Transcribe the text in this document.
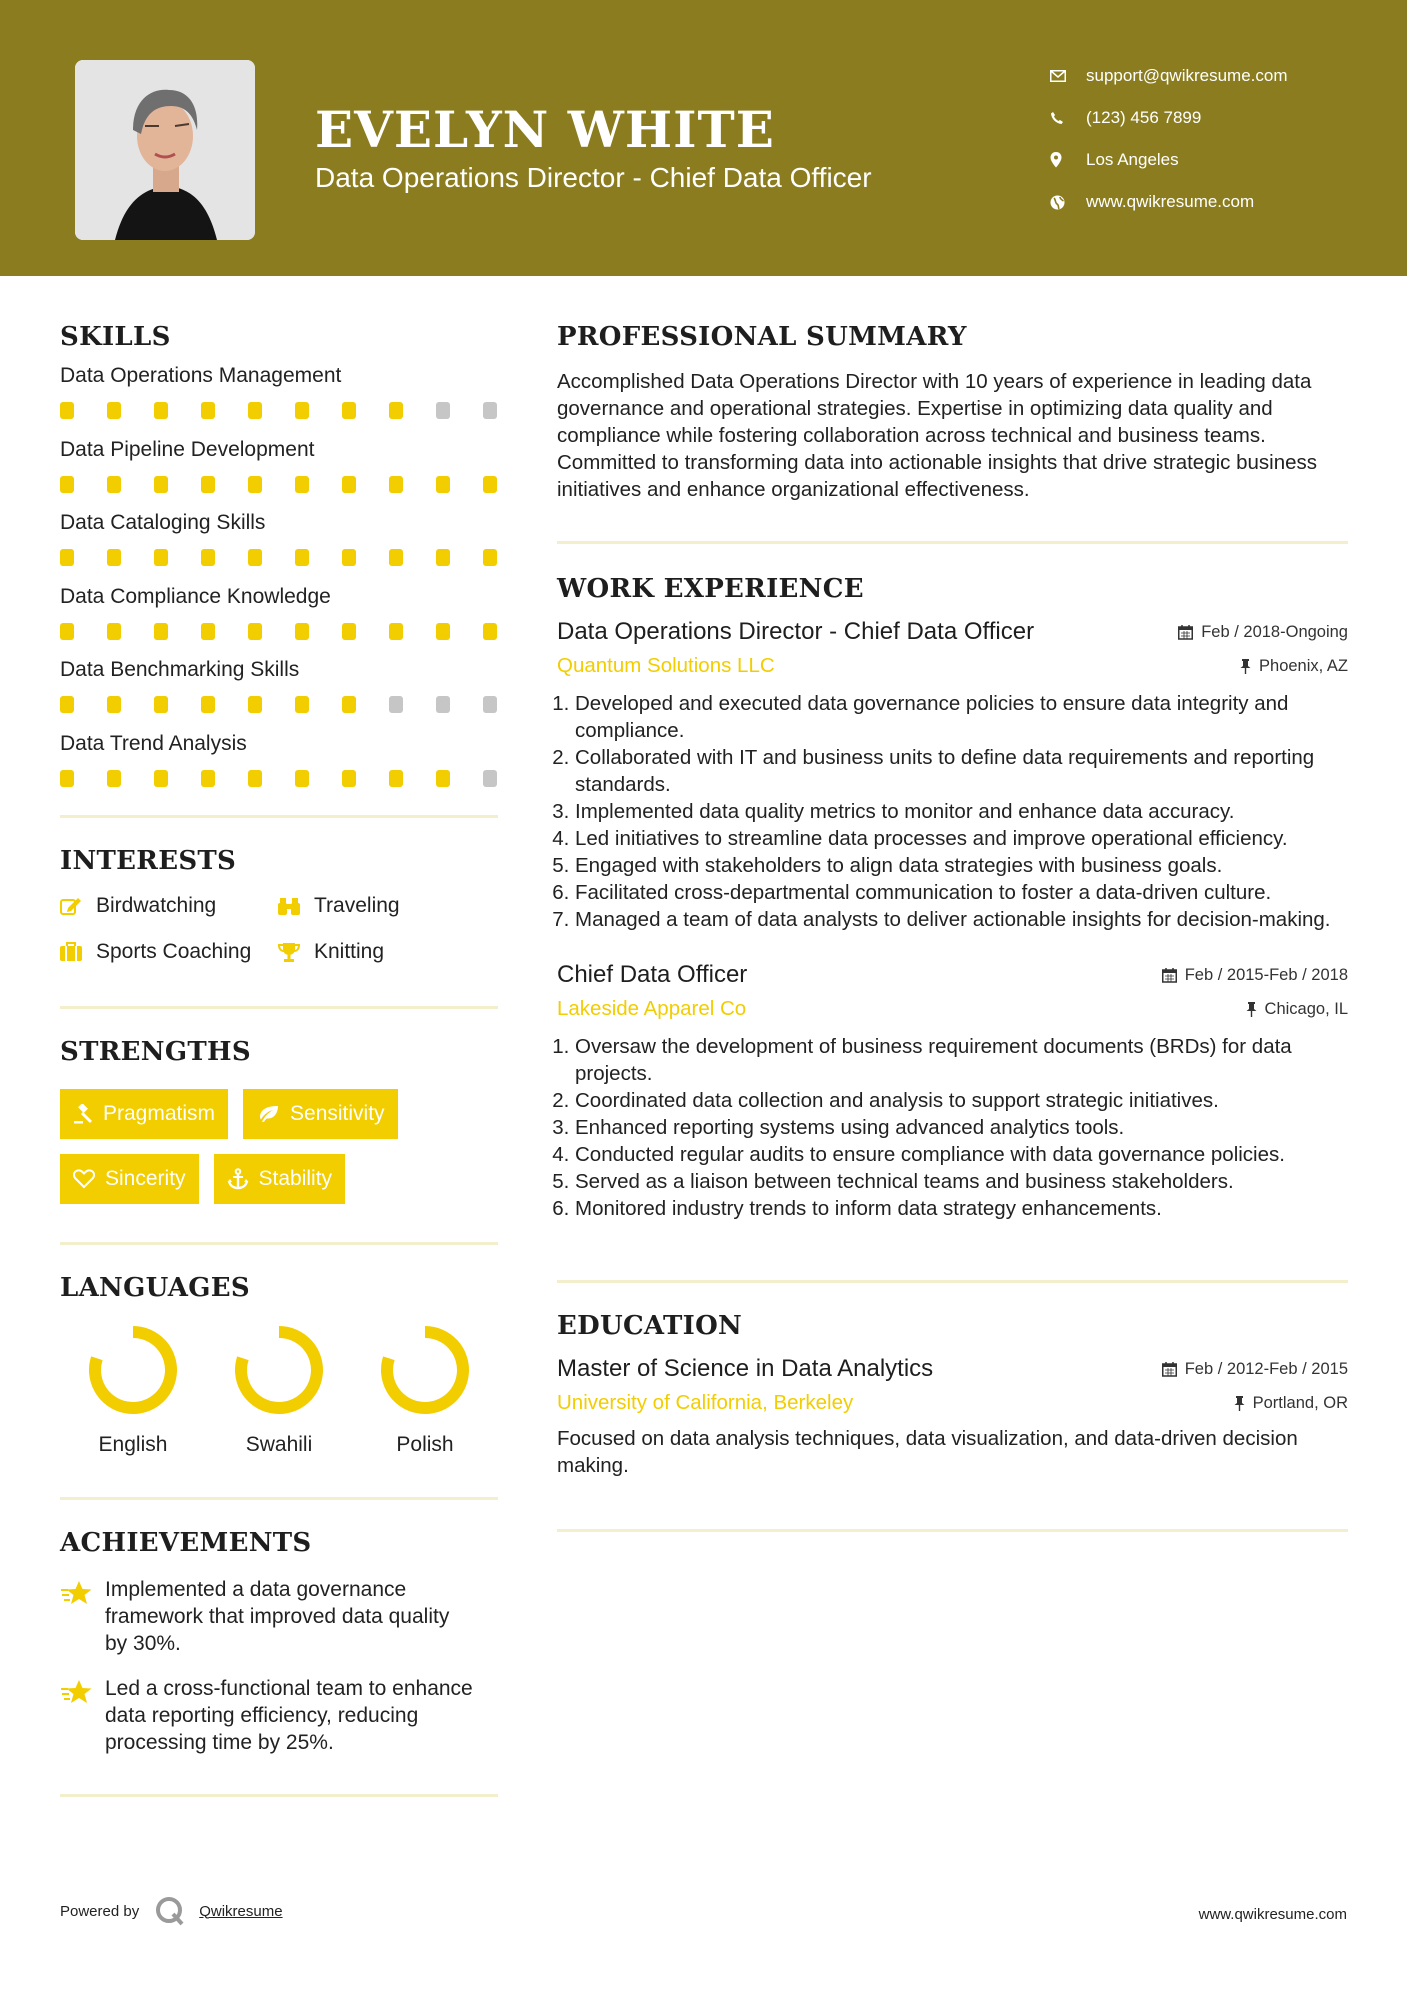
EVELYN WHITE
Data Operations Director - Chief Data Officer
support@qwikresume.com
(123) 456 7899
Los Angeles
www.qwikresume.com
SKILLS
Data Operations Management
Data Pipeline Development
Data Cataloging Skills
Data Compliance Knowledge
Data Benchmarking Skills
Data Trend Analysis
INTERESTS
Birdwatching	Traveling
Sports Coaching	Knitting
STRENGTHS
Pragmatism	Sensitivity
Sincerity	Stability
LANGUAGES
English	Swahili	Polish
ACHIEVEMENTS
Implemented a data governance framework that improved data quality by 30%.
Led a cross-functional team to enhance data reporting efficiency, reducing processing time by 25%.
PROFESSIONAL SUMMARY
Accomplished Data Operations Director with 10 years of experience in leading data governance and operational strategies. Expertise in optimizing data quality and compliance while fostering collaboration across technical and business teams. Committed to transforming data into actionable insights that drive strategic business initiatives and enhance organizational effectiveness.
WORK EXPERIENCE
Data Operations Director - Chief Data Officer	Feb / 2018-Ongoing
Quantum Solutions LLC	Phoenix, AZ
1. Developed and executed data governance policies to ensure data integrity and compliance.
2. Collaborated with IT and business units to define data requirements and reporting standards.
3. Implemented data quality metrics to monitor and enhance data accuracy.
4. Led initiatives to streamline data processes and improve operational efficiency.
5. Engaged with stakeholders to align data strategies with business goals.
6. Facilitated cross-departmental communication to foster a data-driven culture.
7. Managed a team of data analysts to deliver actionable insights for decision-making.
Chief Data Officer	Feb / 2015-Feb / 2018
Lakeside Apparel Co	Chicago, IL
1. Oversaw the development of business requirement documents (BRDs) for data projects.
2. Coordinated data collection and analysis to support strategic initiatives.
3. Enhanced reporting systems using advanced analytics tools.
4. Conducted regular audits to ensure compliance with data governance policies.
5. Served as a liaison between technical teams and business stakeholders.
6. Monitored industry trends to inform data strategy enhancements.
EDUCATION
Master of Science in Data Analytics	Feb / 2012-Feb / 2015
University of California, Berkeley	Portland, OR
Focused on data analysis techniques, data visualization, and data-driven decision making.
Powered by	Qwikresume	www.qwikresume.com
